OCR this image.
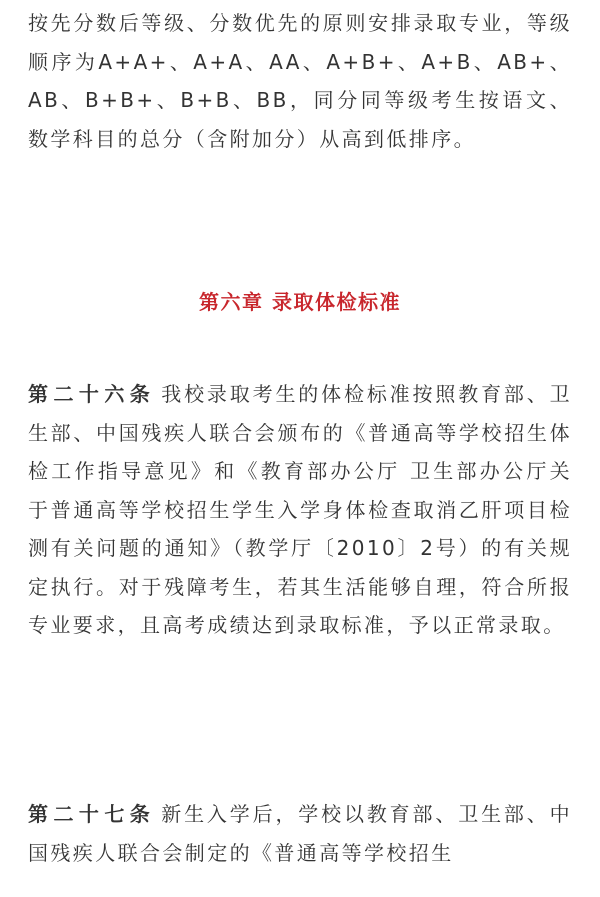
按先分数后等级、分数优先的原则安排录取专业，等级顺序为A+A+、A+A、AA、A+B+、A+B、AB+、AB、B+B+、B+B、BB，同分同等级考生按语文、数学科目的总分（含附加分）从高到低排序。

第六章 录取体检标准

第二十六条 我校录取考生的体检标准按照教育部、卫生部、中国残疾人联合会颁布的《普通高等学校招生体检工作指导意见》和《教育部办公厅 卫生部办公厅关于普通高等学校招生学生入学身体检查取消乙肝项目检测有关问题的通知》（教学厅〔2010〕2号）的有关规定执行。对于残障考生，若其生活能够自理，符合所报专业要求，且高考成绩达到录取标准，予以正常录取。

第二十七条 新生入学后，学校以教育部、卫生部、中国残疾人联合会制定的《普通高等学校招生
